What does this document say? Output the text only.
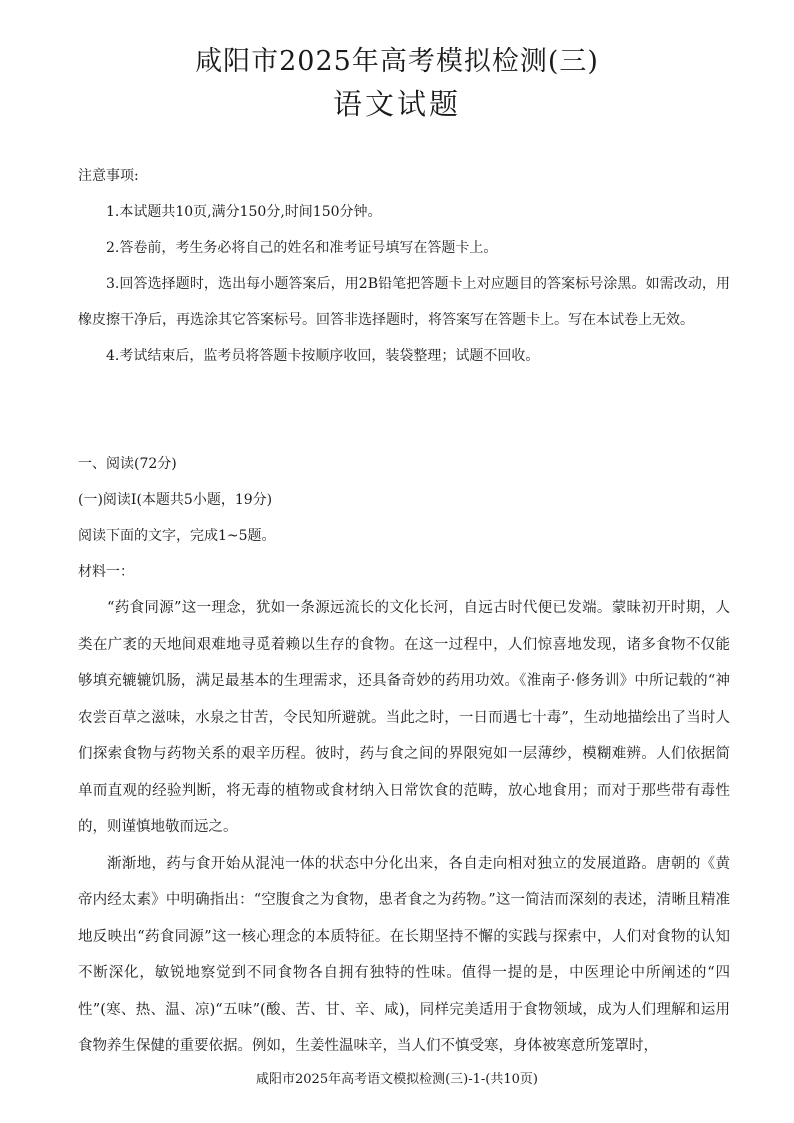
咸阳市2025年高考模拟检测(三)
语文试题

注意事项:

1.本试题共10页,满分150分,时间150分钟。

2.答卷前，考生务必将自己的姓名和准考证号填写在答题卡上。

3.回答选择题时，选出每小题答案后，用2B铅笔把答题卡上对应题目的答案标号涂黑。如需改动，用橡皮擦干净后，再选涂其它答案标号。回答非选择题时，将答案写在答题卡上。写在本试卷上无效。

4.考试结束后，监考员将答题卡按顺序收回，装袋整理；试题不回收。

一、阅读(72分)

(一)阅读Ⅰ(本题共5小题，19分)

阅读下面的文字，完成1~5题。

材料一：

“药食同源”这一理念，犹如一条源远流长的文化长河，自远古时代便已发端。蒙昧初开时期，人类在广袤的天地间艰难地寻觅着赖以生存的食物。在这一过程中，人们惊喜地发现，诸多食物不仅能够填充辘辘饥肠，满足最基本的生理需求，还具备奇妙的药用功效。《淮南子·修务训》中所记载的“神农尝百草之滋味，水泉之甘苦，令民知所避就。当此之时，一日而遇七十毒”，生动地描绘出了当时人们探索食物与药物关系的艰辛历程。彼时，药与食之间的界限宛如一层薄纱，模糊难辨。人们依据简单而直观的经验判断，将无毒的植物或食材纳入日常饮食的范畴，放心地食用；而对于那些带有毒性的，则谨慎地敬而远之。

渐渐地，药与食开始从混沌一体的状态中分化出来，各自走向相对独立的发展道路。唐朝的《黄帝内经太素》中明确指出：“空腹食之为食物，患者食之为药物。”这一简洁而深刻的表述，清晰且精准地反映出“药食同源”这一核心理念的本质特征。在长期坚持不懈的实践与探索中，人们对食物的认知不断深化，敏锐地察觉到不同食物各自拥有独特的性味。值得一提的是，中医理论中所阐述的“四性”(寒、热、温、凉)“五味”(酸、苦、甘、辛、咸)，同样完美适用于食物领域，成为人们理解和运用食物养生保健的重要依据。例如，生姜性温味辛，当人们不慎受寒，身体被寒意所笼罩时，

咸阳市2025年高考语文模拟检测(三)-1-(共10页)
